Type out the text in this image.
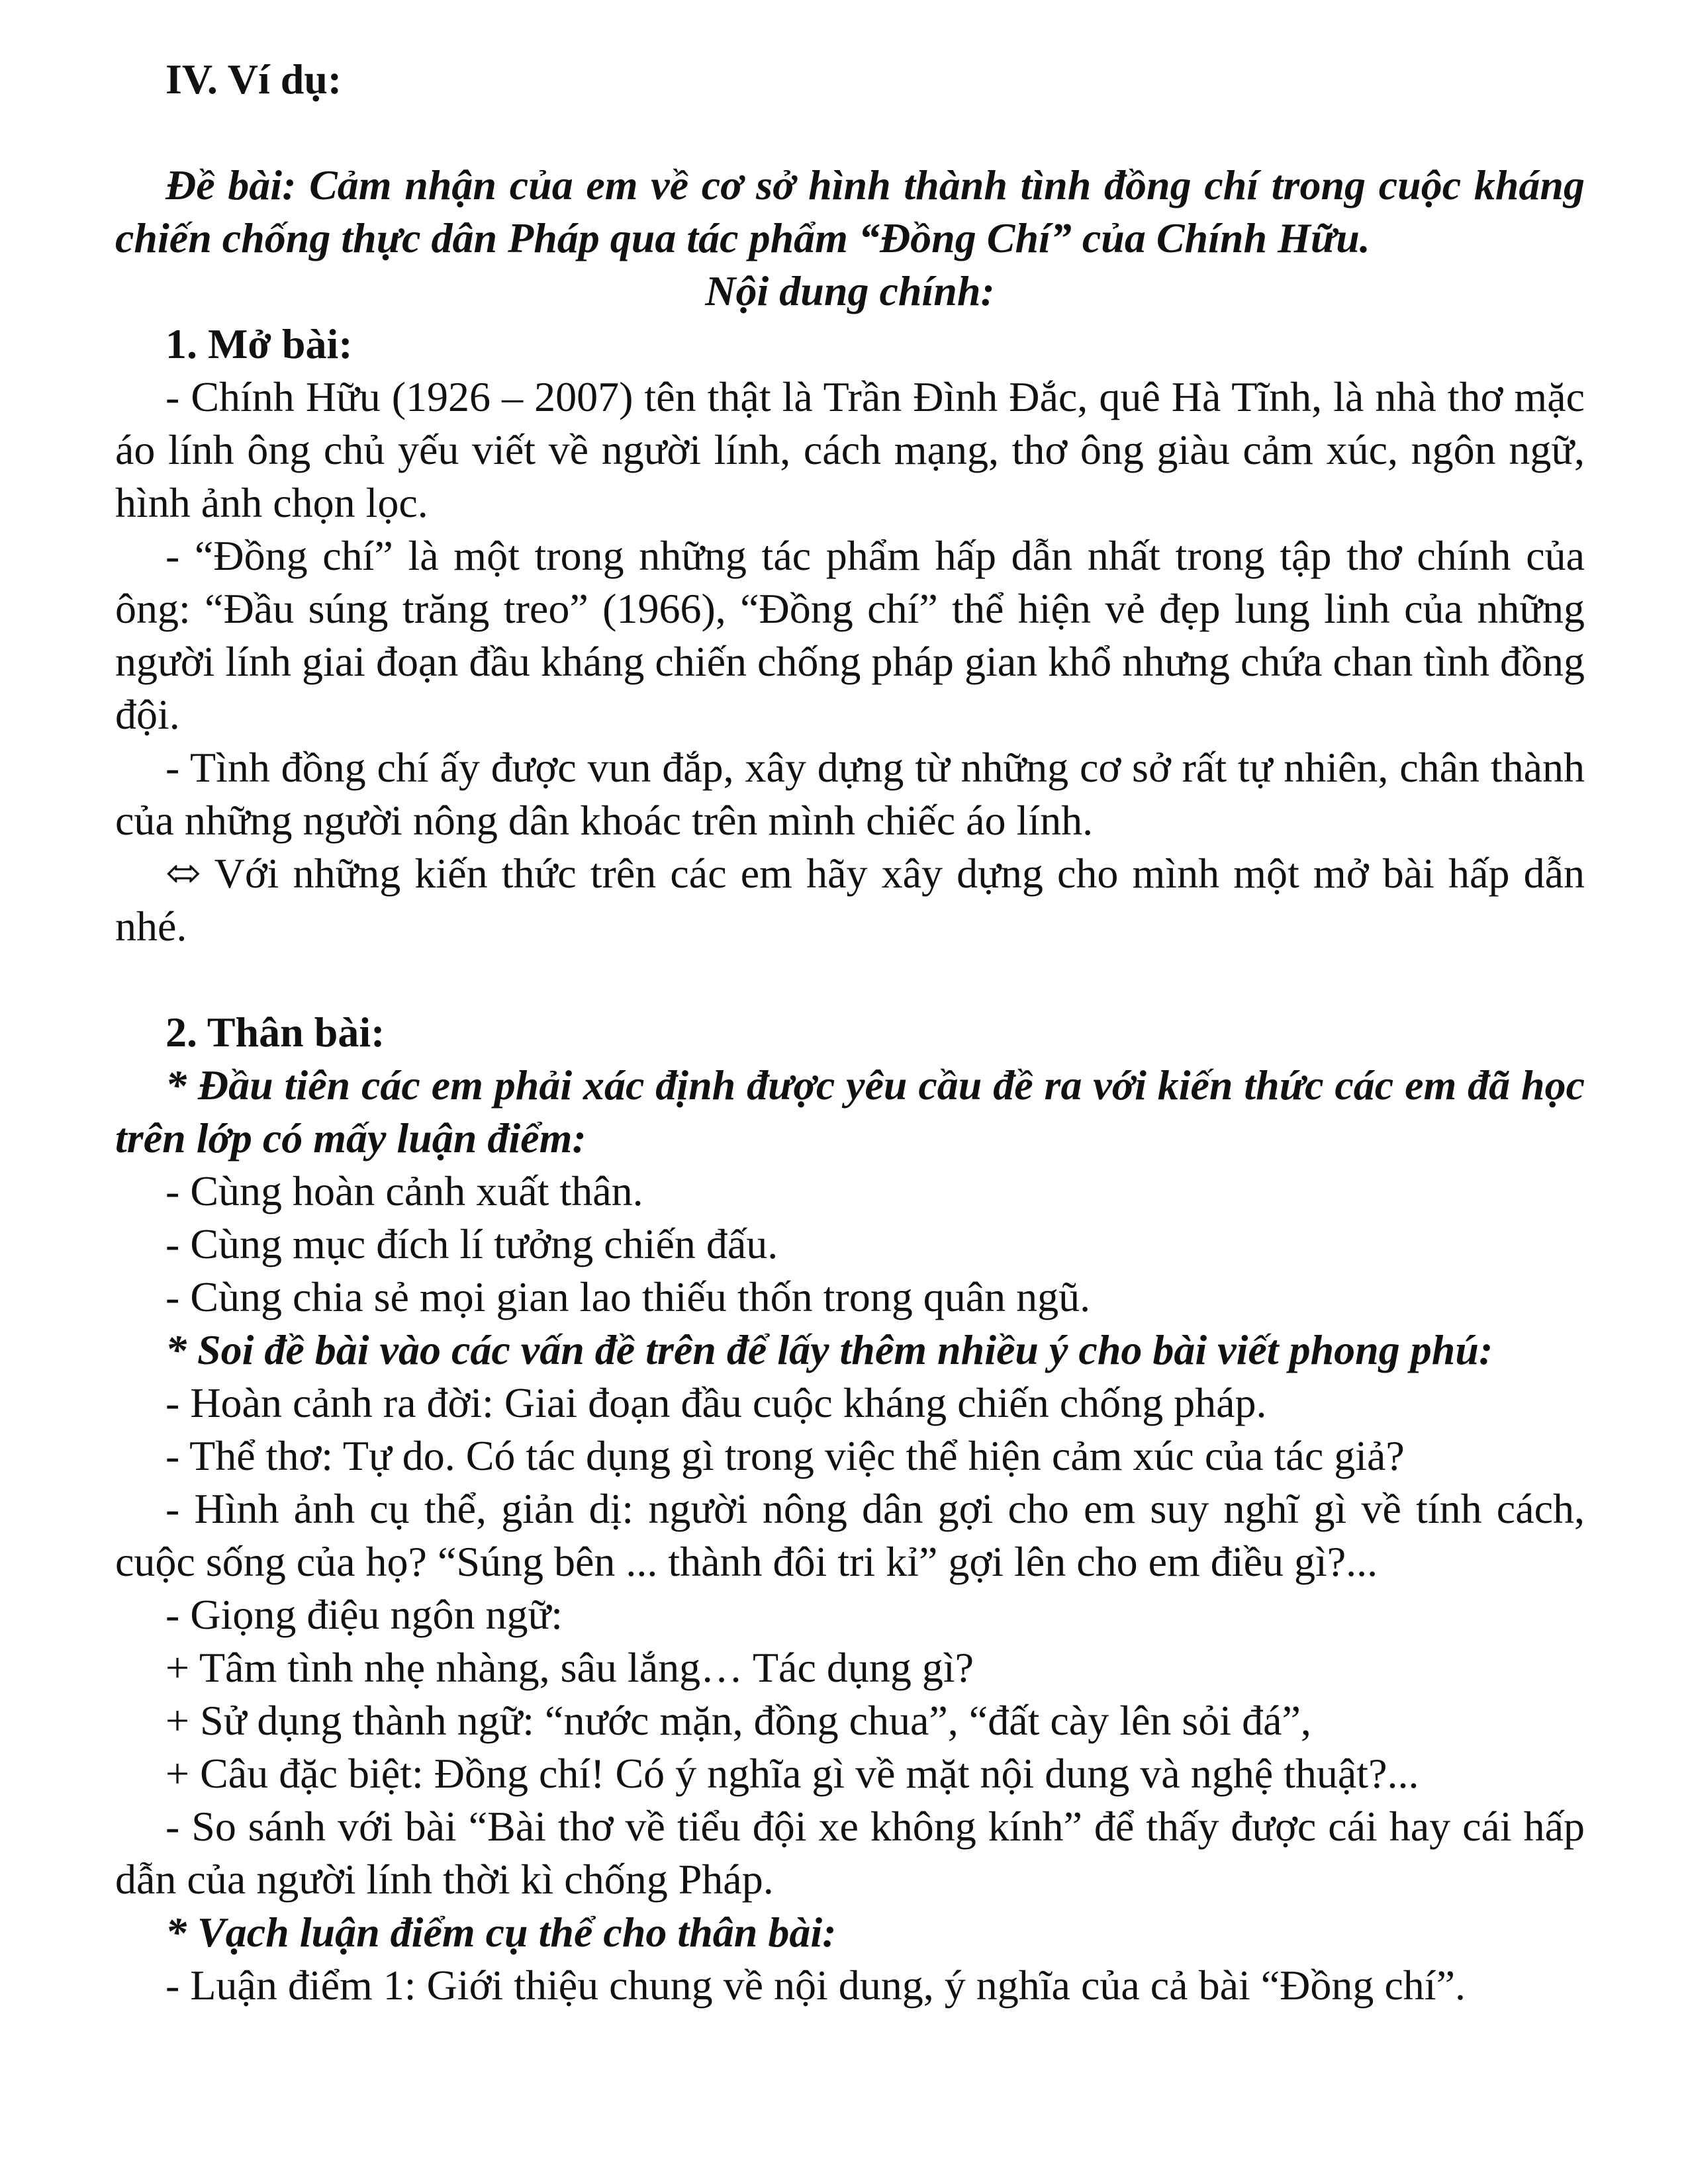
IV. Ví dụ:

Đề bài: Cảm nhận của em về cơ sở hình thành tình đồng chí trong cuộc kháng chiến chống thực dân Pháp qua tác phẩm “Đồng Chí” của Chính Hữu.

Nội dung chính:

1. Mở bài:

- Chính Hữu (1926 – 2007) tên thật là Trần Đình Đắc, quê Hà Tĩnh, là nhà thơ mặc áo lính ông chủ yếu viết về người lính, cách mạng, thơ ông giàu cảm xúc, ngôn ngữ, hình ảnh chọn lọc.

- “Đồng chí” là một trong những tác phẩm hấp dẫn nhất trong tập thơ chính của ông: “Đầu súng trăng treo” (1966), “Đồng chí” thể hiện vẻ đẹp lung linh của những người lính giai đoạn đầu kháng chiến chống pháp gian khổ nhưng chứa chan tình đồng đội.

- Tình đồng chí ấy được vun đắp, xây dựng từ những cơ sở rất tự nhiên, chân thành của những người nông dân khoác trên mình chiếc áo lính.

⬄ Với những kiến thức trên các em hãy xây dựng cho mình một mở bài hấp dẫn nhé.

2. Thân bài:

* Đầu tiên các em phải xác định được yêu cầu đề ra với kiến thức các em đã học trên lớp có mấy luận điểm:

- Cùng hoàn cảnh xuất thân.

- Cùng mục đích lí tưởng chiến đấu.

- Cùng chia sẻ mọi gian lao thiếu thốn trong quân ngũ.

* Soi đề bài vào các vấn đề trên để lấy thêm nhiều ý cho bài viết phong phú:

- Hoàn cảnh ra đời: Giai đoạn đầu cuộc kháng chiến chống pháp.

- Thể thơ: Tự do. Có tác dụng gì trong việc thể hiện cảm xúc của tác giả?

- Hình ảnh cụ thể, giản dị: người nông dân gợi cho em suy nghĩ gì về tính cách, cuộc sống của họ? “Súng bên ... thành đôi tri kỉ” gợi lên cho em điều gì?...

- Giọng điệu ngôn ngữ:

+ Tâm tình nhẹ nhàng, sâu lắng… Tác dụng gì?

+ Sử dụng thành ngữ: “nước mặn, đồng chua”, “đất cày lên sỏi đá”,

+ Câu đặc biệt: Đồng chí! Có ý nghĩa gì về mặt nội dung và nghệ thuật?...

- So sánh với bài “Bài thơ về tiểu đội xe không kính” để thấy được cái hay cái hấp dẫn của người lính thời kì chống Pháp.

* Vạch luận điểm cụ thể cho thân bài:

- Luận điểm 1: Giới thiệu chung về nội dung, ý nghĩa của cả bài “Đồng chí”.
